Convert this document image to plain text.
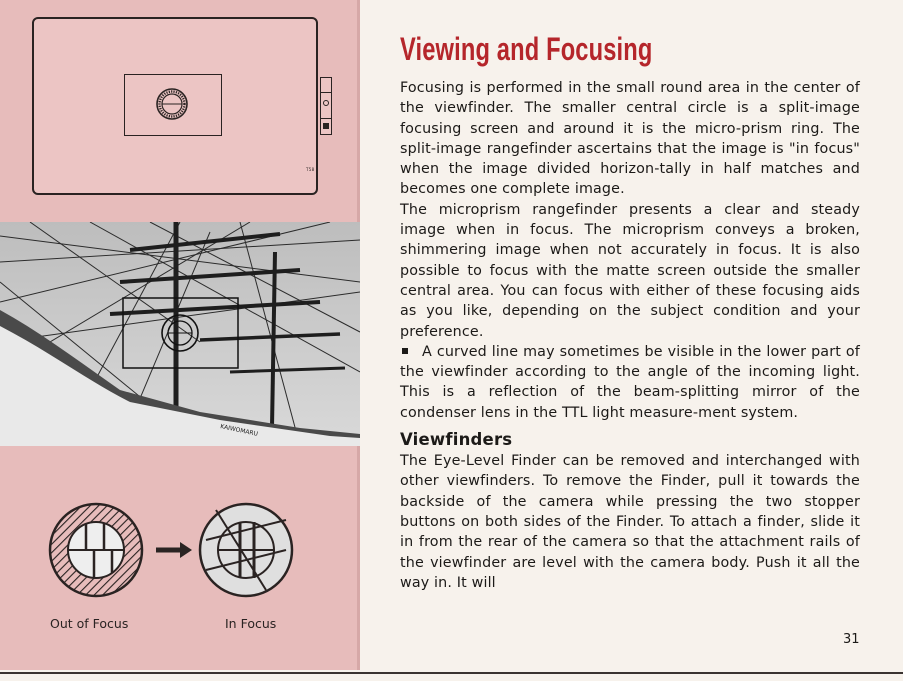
T58
KAIWOMARU
Out of Focus	In Focus
Viewing and Focusing

Focusing is performed in the small round area in the center of the viewfinder. The smaller central circle is a split-image focusing screen and around it is the micro-prism ring. The split-image rangefinder ascertains that the image is "in focus" when the image divided horizon-tally in half matches and becomes one complete image.

The microprism rangefinder presents a clear and steady image when in focus. The microprism conveys a broken, shimmering image when not accurately in focus. It is also possible to focus with the matte screen outside the smaller central area. You can focus with either of these focusing aids as you like, depending on the subject condition and your preference.

A curved line may sometimes be visible in the lower part of the viewfinder according to the angle of the incoming light. This is a reflection of the beam-splitting mirror of the condenser lens in the TTL light measure-ment system.

Viewfinders

The Eye-Level Finder can be removed and interchanged with other viewfinders. To remove the Finder, pull it towards the backside of the camera while pressing the two stopper buttons on both sides of the Finder. To attach a finder, slide it in from the rear of the camera so that the attachment rails of the viewfinder are level with the camera body. Push it all the way in. It will

31
